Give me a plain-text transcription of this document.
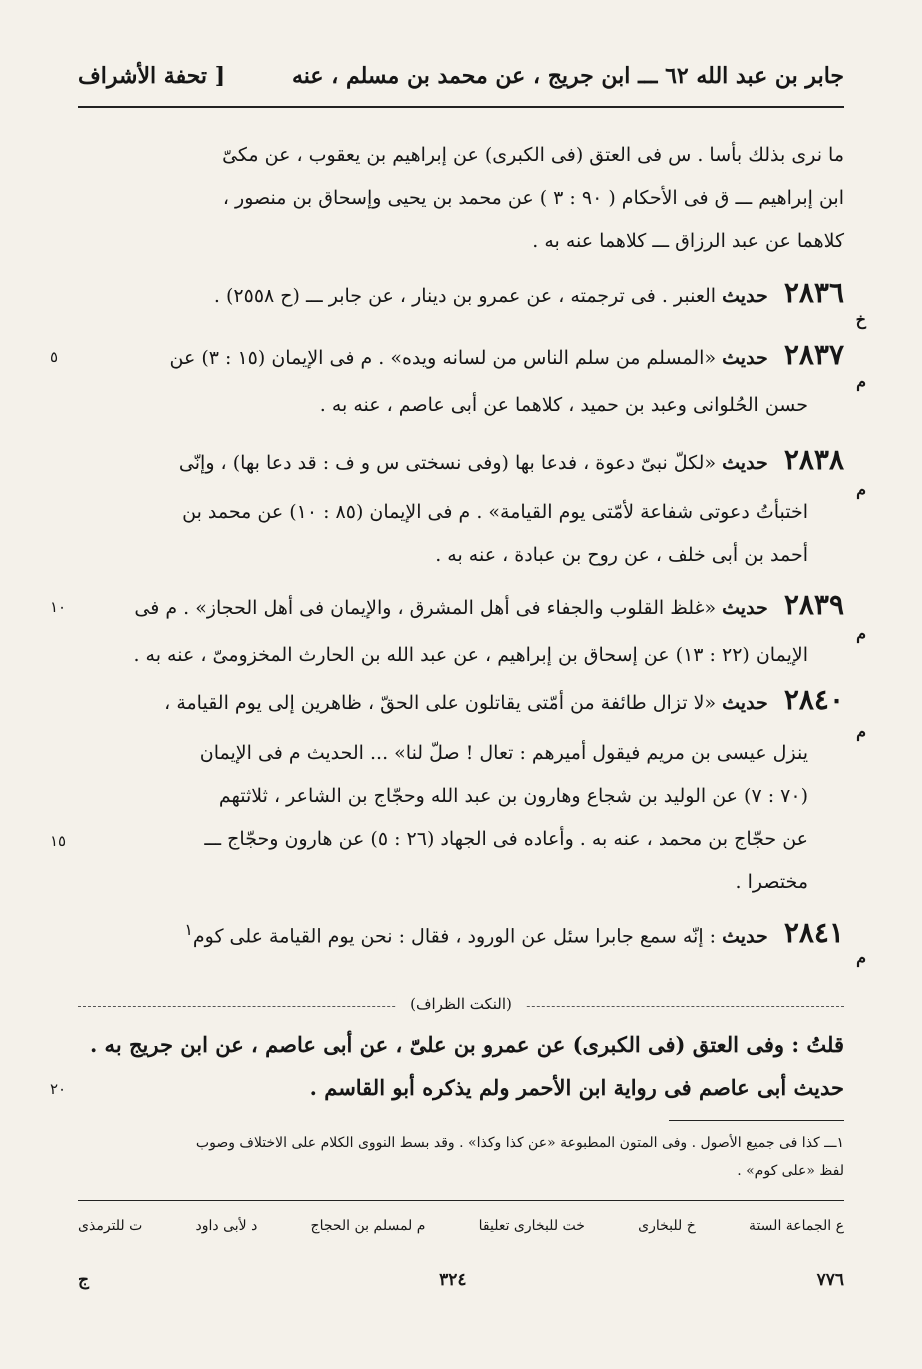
جابر بن عبد الله ٦٢ ـــ ابن جريج ، عن محمد بن مسلم ، عنه
[ تحفة الأشراف
ما نرى بذلك بأسا . س فى العتق (فى الكبرى) عن إبراهيم بن يعقوب ، عن مكىّ
ابن إبراهيم ـــ ق فى الأحكام ( ٩٠ : ٣ ) عن محمد بن يحيى وإسحاق بن منصور ،
كلاهما عن عبد الرزاق ـــ كلاهما عنه به .
٢٨٣٦ حديث العنبر . فى ترجمته ، عن عمرو بن دينار ، عن جابر ـــ (ح ٢٥٥٨) .
خ
٢٨٣٧ حديث «المسلم من سلم الناس من لسانه ويده» . م فى الإيمان (١٥ : ٣) عن
٥
م
حسن الحُلوانى وعبد بن حميد ، كلاهما عن أبى عاصم ، عنه به .
٢٨٣٨ حديث «لكلّ نبىّ دعوة ، فدعا بها (وفى نسختى س و ف : قد دعا بها) ، وإنّى
م
اختبأتُ دعوتى شفاعة لأمّتى يوم القيامة» . م فى الإيمان (٨٥ : ١٠) عن محمد بن
أحمد بن أبى خلف ، عن روح بن عبادة ، عنه به .
٢٨٣٩ حديث «غلظ القلوب والجفاء فى أهل المشرق ، والإيمان فى أهل الحجاز» . م فى
١٠
م
الإيمان (٢٢ : ١٣) عن إسحاق بن إبراهيم ، عن عبد الله بن الحارث المخزومىّ ، عنه به .
٢٨٤٠ حديث «لا تزال طائفة من أمّتى يقاتلون على الحقّ ، ظاهرين إلى يوم القيامة ،
م
ينزل عيسى بن مريم فيقول أميرهم : تعال ! صلّ لنا» ... الحديث م فى الإيمان
(٧٠ : ٧) عن الوليد بن شجاع وهارون بن عبد الله وحجّاج بن الشاعر ، ثلاثتهم
عن حجّاج بن محمد ، عنه به . وأعاده فى الجهاد (٢٦ : ٥) عن هارون وحجّاج ـــ
١٥
مختصرا .
٢٨٤١ حديث : إنّه سمع جابرا سئل عن الورود ، فقال : نحن يوم القيامة على كوم$^١$
م
(النكت الظراف)
قلتُ : وفى العتق (فى الكبرى) عن عمرو بن علىّ ، عن أبى عاصم ، عن ابن جريج به .
حديث أبى عاصم فى رواية ابن الأحمر ولم يذكره أبو القاسم .
٢٠
١ـــ كذا فى جميع الأصول . وفى المتون المطبوعة «عن كذا وكذا» . وقد بسط النووى الكلام على الاختلاف وصوب
لفظ «على كوم» .
ع الجماعة الستة
خ للبخارى
خت للبخارى تعليقا
م لمسلم بن الحجاج
د لأبى داود
ت للترمذى
٧٧٦
٣٢٤
ج
